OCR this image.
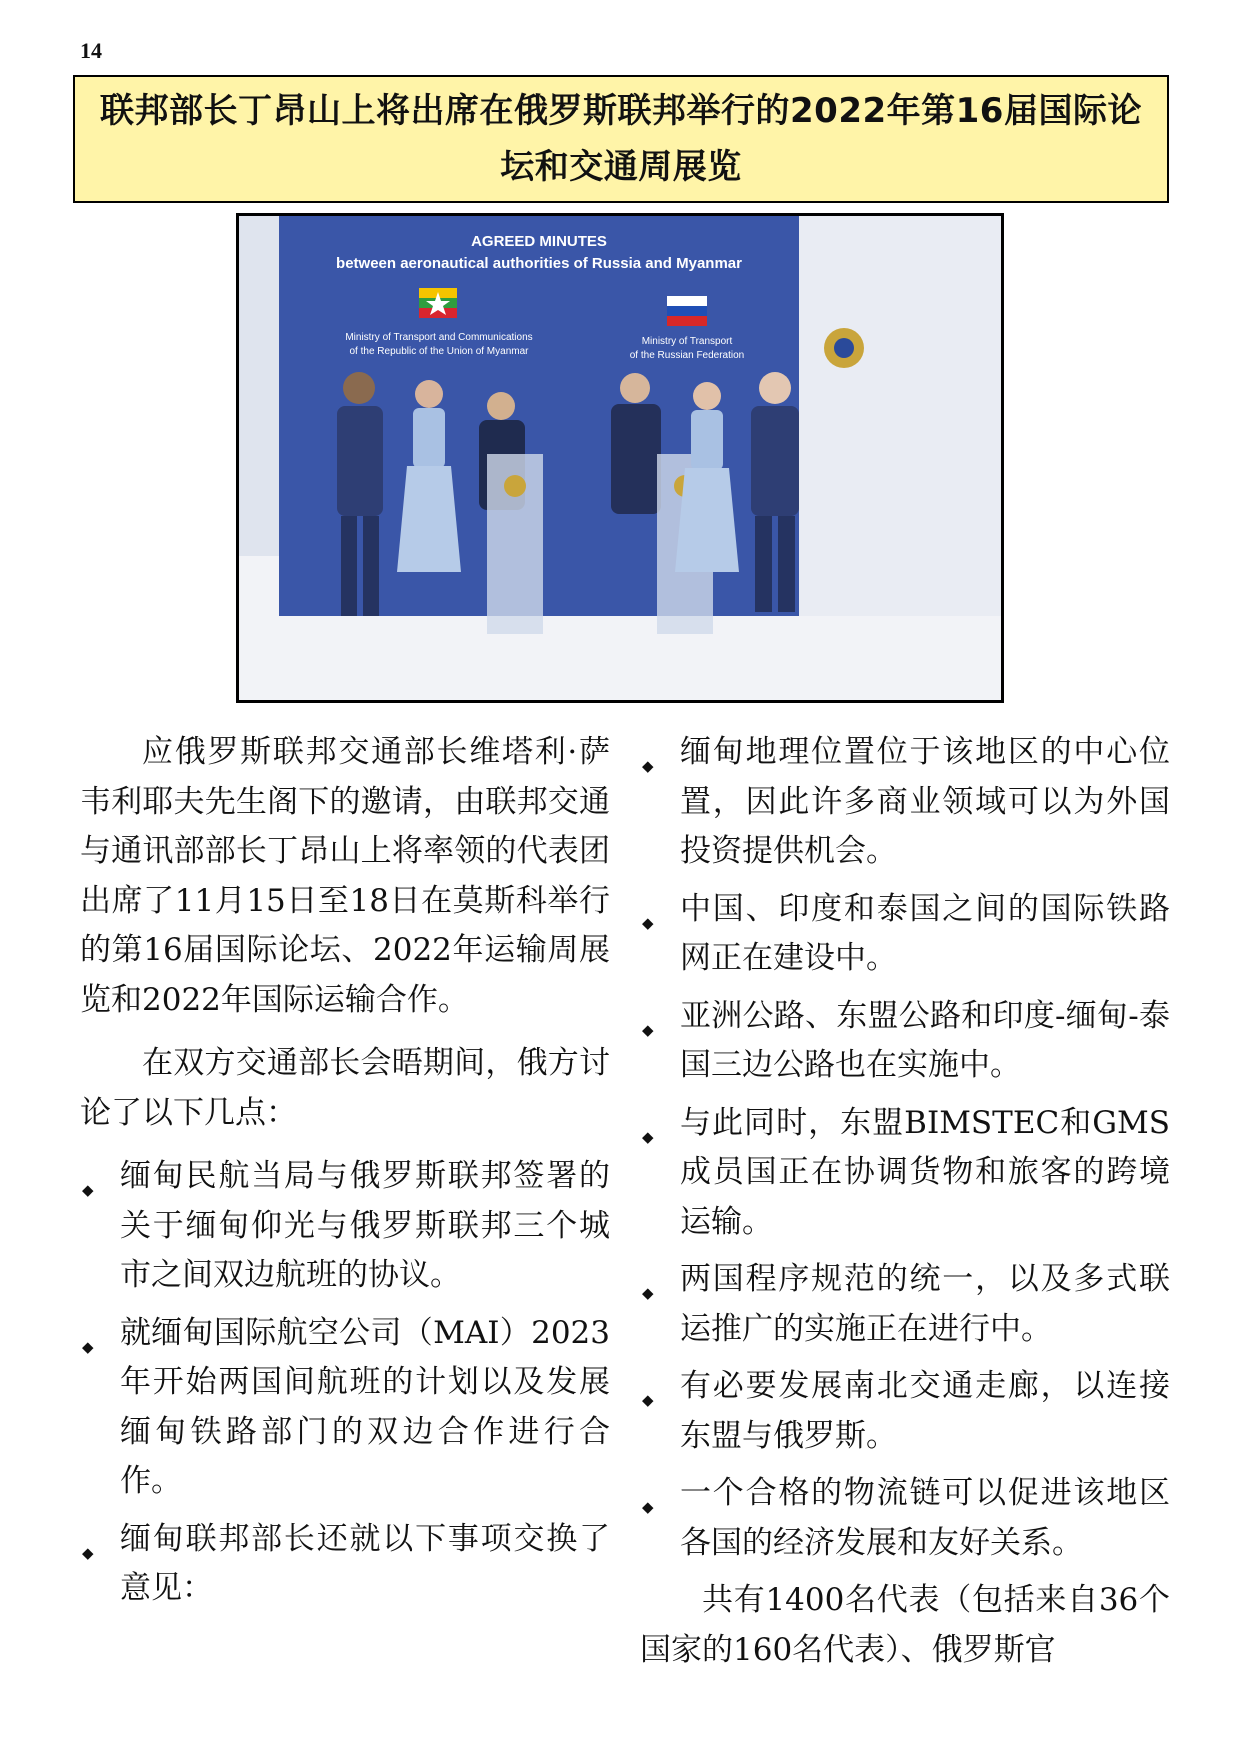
14
联邦部长丁昂山上将出席在俄罗斯联邦举行的2022年第16届国际论坛和交通周展览
AGREED MINUTES
between aeronautical authorities of Russia and Myanmar
Ministry of Transport and Communications
of the Republic of the Union of Myanmar
Ministry of Transport
of the Russian Federation

应俄罗斯联邦交通部长维塔利·萨韦利耶夫先生阁下的邀请，由联邦交通与通讯部部长丁昂山上将率领的代表团出席了11月15日至18日在莫斯科举行的第16届国际论坛、2022年运输周展览和2022年国际运输合作。

在双方交通部长会晤期间，俄方讨论了以下几点：

◆ 缅甸民航当局与俄罗斯联邦签署的关于缅甸仰光与俄罗斯联邦三个城市之间双边航班的协议。
◆ 就缅甸国际航空公司（MAI）2023年开始两国间航班的计划以及发展缅甸铁路部门的双边合作进行合作。
◆ 缅甸联邦部长还就以下事项交换了意见：
◆ 缅甸地理位置位于该地区的中心位置，因此许多商业领域可以为外国投资提供机会。
◆ 中国、印度和泰国之间的国际铁路网正在建设中。
◆ 亚洲公路、东盟公路和印度-缅甸-泰国三边公路也在实施中。
◆ 与此同时，东盟BIMSTEC和GMS成员国正在协调货物和旅客的跨境运输。
◆ 两国程序规范的统一，以及多式联运推广的实施正在进行中。
◆ 有必要发展南北交通走廊，以连接东盟与俄罗斯。
◆ 一个合格的物流链可以促进该地区各国的经济发展和友好关系。

共有1400名代表（包括来自36个国家的160名代表）、俄罗斯官
